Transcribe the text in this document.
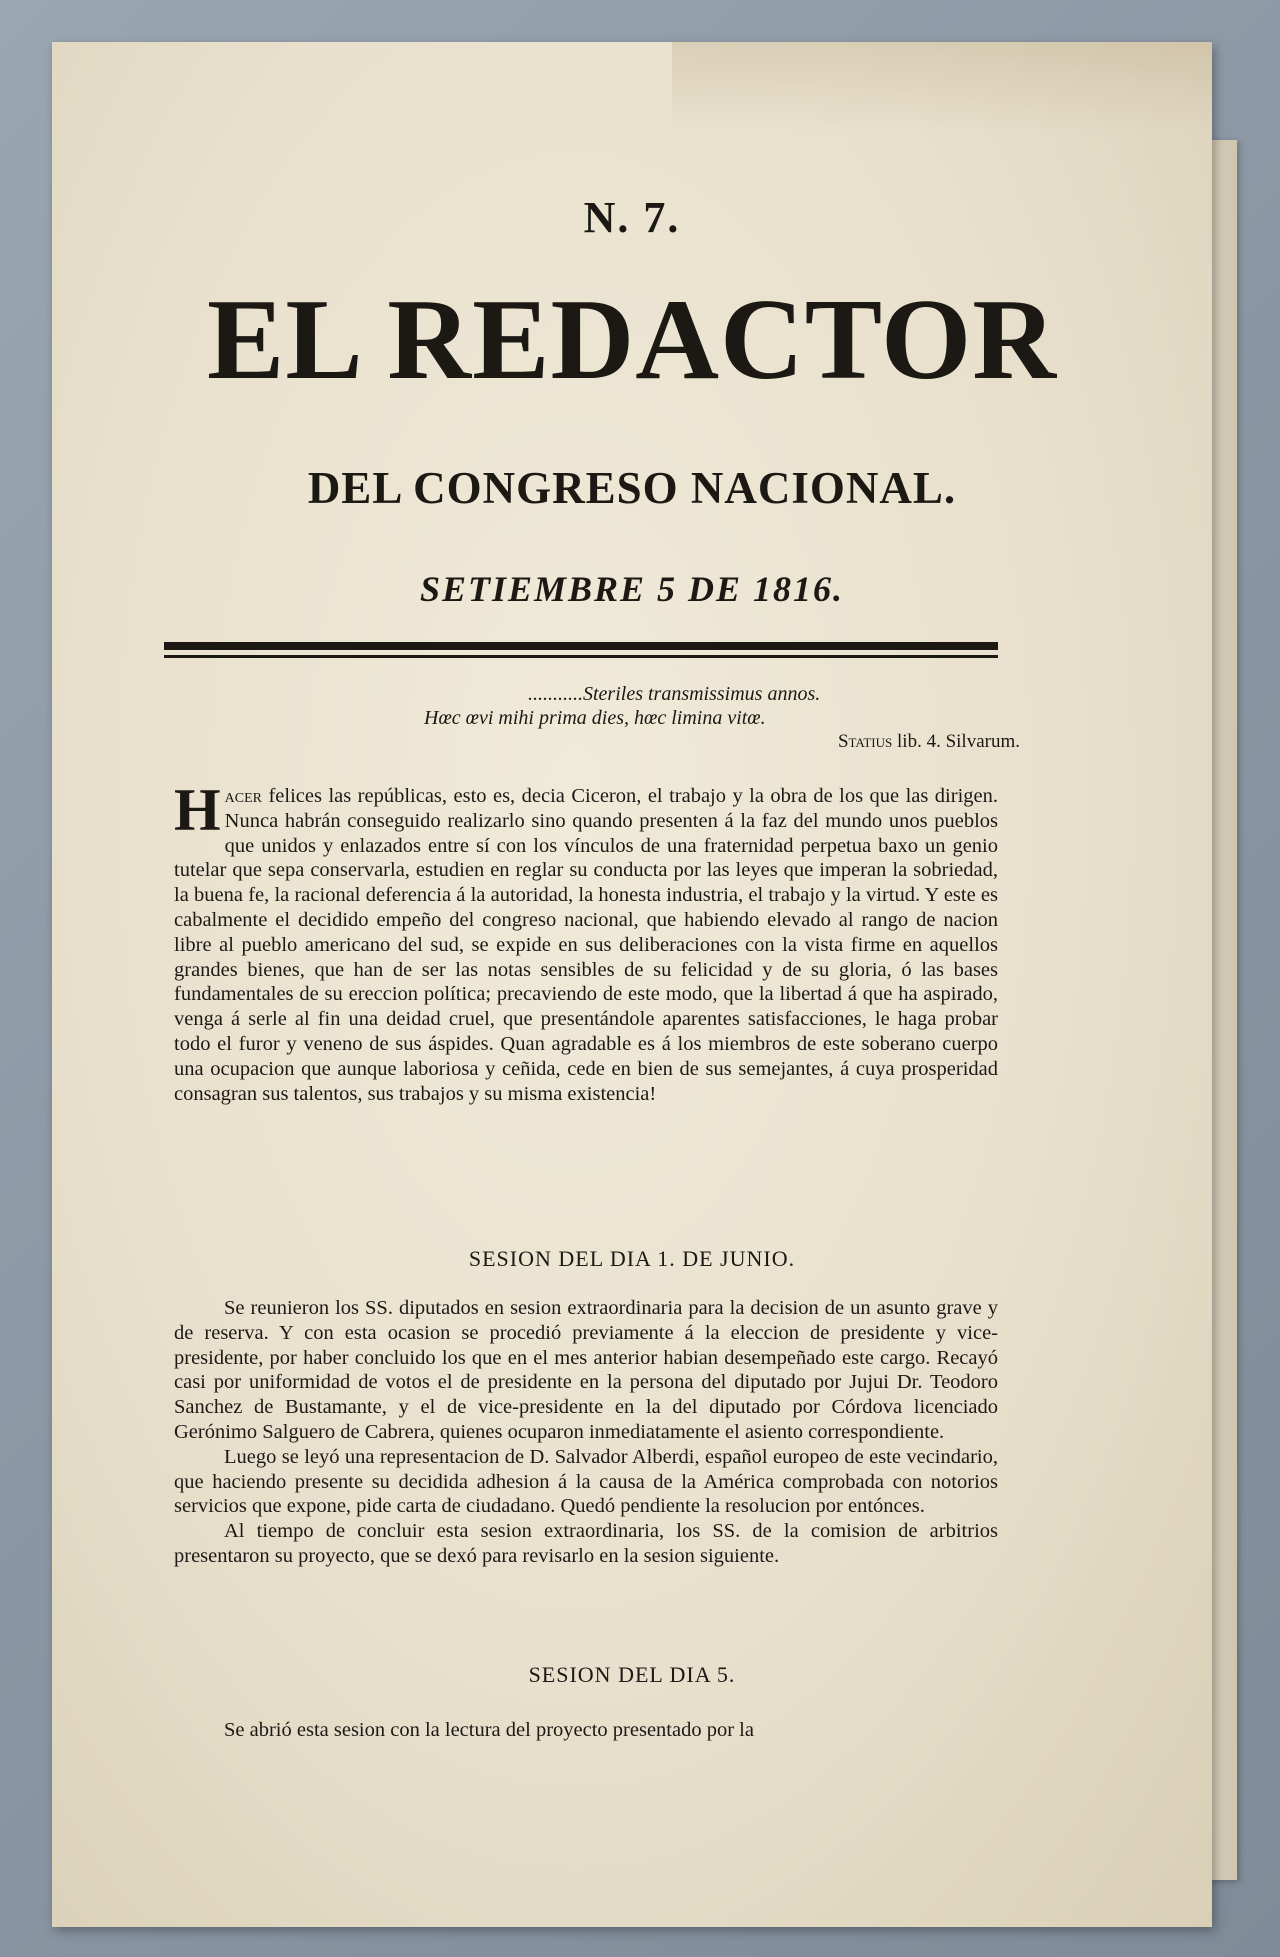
N. 7.
EL REDACTOR
DEL CONGRESO NACIONAL.
SETIEMBRE 5 DE 1816.
...........Steriles transmissimus annos.
Hœc œvi mihi prima dies, hœc limina vitœ.
Statius lib. 4. Silvarum.
Hacer felices las repúblicas, esto es, decia Ciceron, el trabajo y la obra de los que las dirigen. Nunca habrán conseguido realizarlo sino quando presenten á la faz del mundo unos pueblos que unidos y enlazados entre sí con los vínculos de una fraternidad perpetua baxo un genio tutelar que sepa conservarla, estudien en reglar su conducta por las leyes que imperan la sobriedad, la buena fe, la racional deferencia á la autoridad, la honesta industria, el trabajo y la virtud. Y este es cabalmente el decidido empeño del congreso nacional, que habiendo elevado al rango de nacion libre al pueblo americano del sud, se expide en sus deliberaciones con la vista firme en aquellos grandes bienes, que han de ser las notas sensibles de su felicidad y de su gloria, ó las bases fundamentales de su ereccion política; precaviendo de este modo, que la libertad á que ha aspirado, venga á serle al fin una deidad cruel, que presentándole aparentes satisfacciones, le haga probar todo el furor y veneno de sus áspides. Quan agradable es á los miembros de este soberano cuerpo una ocupacion que aunque laboriosa y ceñida, cede en bien de sus semejantes, á cuya prosperidad consagran sus talentos, sus trabajos y su misma existencia!
SESION DEL DIA 1. DE JUNIO.

Se reunieron los SS. diputados en sesion extraordinaria para la decision de un asunto grave y de reserva. Y con esta ocasion se procedió previamente á la eleccion de presidente y vice-presidente, por haber concluido los que en el mes anterior habian desempeñado este cargo. Recayó casi por uniformidad de votos el de presidente en la persona del diputado por Jujui Dr. Teodoro Sanchez de Bustamante, y el de vice-presidente en la del diputado por Córdova licenciado Gerónimo Salguero de Cabrera, quienes ocuparon inmediatamente el asiento correspondiente.

Luego se leyó una representacion de D. Salvador Alberdi, español europeo de este vecindario, que haciendo presente su decidida adhesion á la causa de la América comprobada con notorios servicios que expone, pide carta de ciudadano. Quedó pendiente la resolucion por entónces.

Al tiempo de concluir esta sesion extraordinaria, los SS. de la comision de arbitrios presentaron su proyecto, que se dexó para revisarlo en la sesion siguiente.

SESION DEL DIA 5.

Se abrió esta sesion con la lectura del proyecto presentado por la
